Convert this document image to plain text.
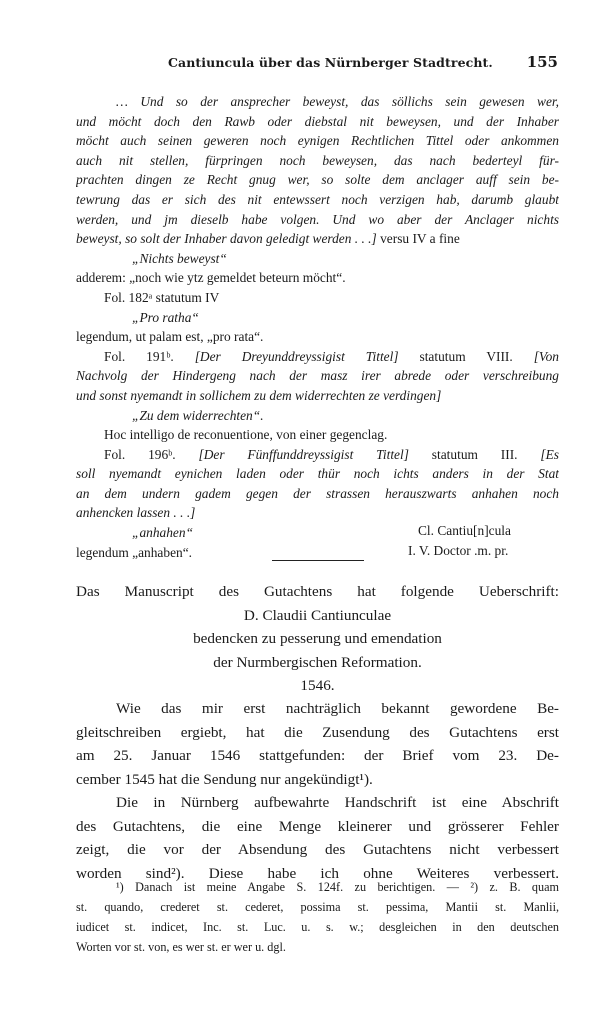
Cantiuncula über das Nürnberger Stadtrecht. 155
… Und so der ansprecher beweyst, das söllichs sein gewesen wer,
und möcht doch den Rawb oder diebstal nit beweysen, und der Inhaber
möcht auch seinen geweren noch eynigen Rechtlichen Tittel oder ankommen
auch nit stellen, fürpringen noch beweysen, das nach bederteyl für-
prachten dingen ze Recht gnug wer, so solte dem anclager auff sein be-
tewrung das er sich des nit entewssert noch verzigen hab, darumb glaubt
werden, und jm dieselb habe volgen. Und wo aber der Anclager nichts
beweyst, so solt der Inhaber davon geledigt werden . . .] versu IV a fine
„Nichts beweyst“
adderem: „noch wie ytz gemeldet beteurn möcht“.
Fol. 182ᵃ statutum IV
„Pro ratha“
legendum, ut palam est, „pro rata“.
Fol. 191ᵇ. [Der Dreyunddreyssigist Tittel] statutum VIII. [Von
Nachvolg der Hindergeng nach der masz irer abrede oder verschreibung
und sonst nyemandt in sollichem zu dem widerrechten ze verdingen]
„Zu dem widerrechten“.
Hoc intelligo de reconuentione, von einer gegenclag.
Fol. 196ᵇ. [Der Fünffunddreyssigist Tittel] statutum III. [Es
soll nyemandt eynichen laden oder thür noch ichts anders in der Stat
an dem undern gadem gegen der strassen herauszwarts anhahen noch
anhencken lassen . . .]
„anhahen“
legendum „anhaben“.
Cl. Cantiu[n]cula
I. V. Doctor .m. pr.
Das Manuscript des Gutachtens hat folgende Ueberschrift:
D. Claudii Cantiunculae
bedencken zu pesserung und emendation
der Nurmbergischen Reformation.
1546.
Wie das mir erst nachträglich bekannt gewordene Be-
gleitschreiben ergiebt, hat die Zusendung des Gutachtens erst
am 25. Januar 1546 stattgefunden: der Brief vom 23. De-
cember 1545 hat die Sendung nur angekündigt¹).
Die in Nürnberg aufbewahrte Handschrift ist eine Abschrift
des Gutachtens, die eine Menge kleinerer und grösserer Fehler
zeigt, die vor der Absendung des Gutachtens nicht verbessert
worden sind²). Diese habe ich ohne Weiteres verbessert.
¹) Danach ist meine Angabe S. 124f. zu berichtigen. — ²) z. B. quam
st. quando, crederet st. cederet, possima st. pessima, Mantii st. Manlii,
iudicet st. indicet, Inc. st. Luc. u. s. w.; desgleichen in den deutschen
Worten vor st. von, es wer st. er wer u. dgl.
